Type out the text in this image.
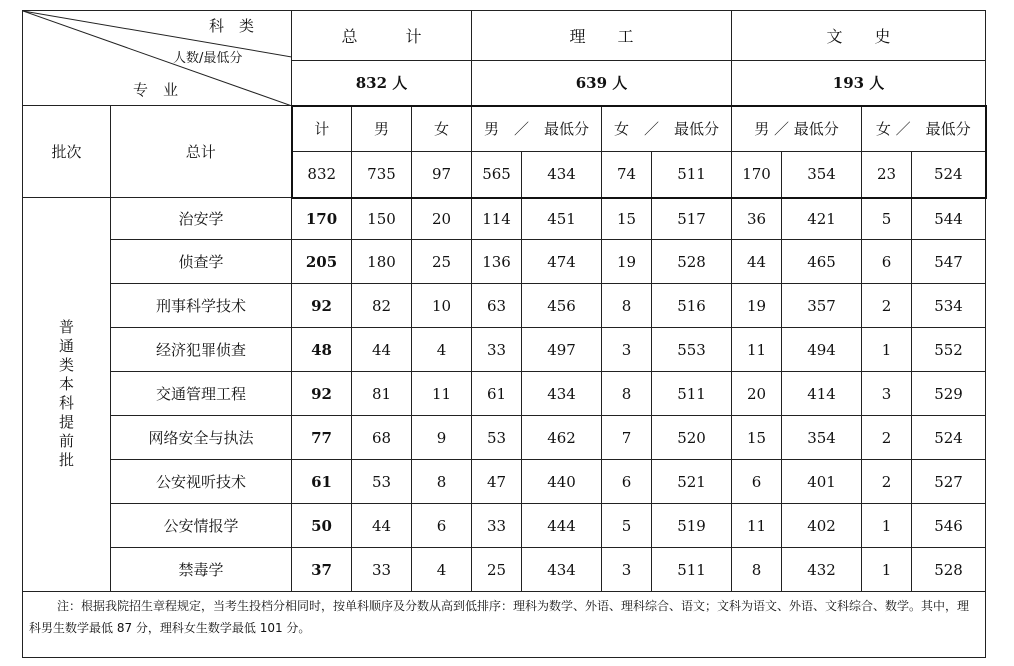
科　类
人数/最低分
专　业		总　　　计			理　　工				文　　史			
		832 人			639 人				193 人			
批次	总计	计	男	女	男　／　最低分		女　／　最低分		男 ／ 最低分		女 ／　最低分	
		832	735	97	565	434	74	511	170	354	23	524
普通类本科提前批	治安学	170	150	20	114	451	15	517	36	421	5	544
	侦查学	205	180	25	136	474	19	528	44	465	6	547
	刑事科学技术	92	82	10	63	456	8	516	19	357	2	534
	经济犯罪侦查	48	44	4	33	497	3	553	11	494	1	552
	交通管理工程	92	81	11	61	434	8	511	20	414	3	529
	网络安全与执法	77	68	9	53	462	7	520	15	354	2	524
	公安视听技术	61	53	8	47	440	6	521	6	401	2	527
	公安情报学	50	44	6	33	444	5	519	11	402	1	546
	禁毒学	37	33	4	25	434	3	511	8	432	1	528
注：根据我院招生章程规定，当考生投档分相同时，按单科顺序及分数从高到低排序：理科为数学、外语、理科综合、语文；文科为语文、外语、文科综合、数学。其中，理科男生数学最低 87 分，理科女生数学最低 101 分。												
